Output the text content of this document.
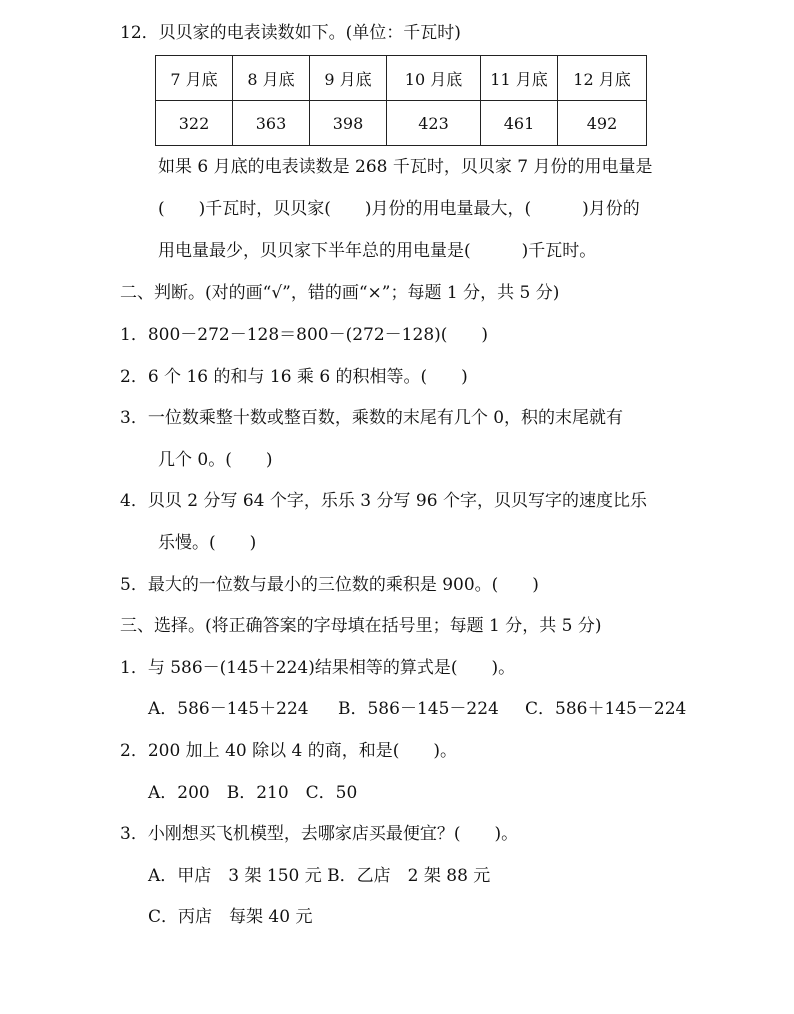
12．贝贝家的电表读数如下。(单位：千瓦时)
7 月底	8 月底	9 月底	10 月底	11 月底	12 月底
322	363	398	423	461	492
如果 6 月底的电表读数是 268 千瓦时，贝贝家 7 月份的用电量是
(　　)千瓦时，贝贝家(　　)月份的用电量最大，(　　　)月份的
用电量最少，贝贝家下半年总的用电量是(　　　)千瓦时。
二、判断。(对的画“√”，错的画“×”；每题 1 分，共 5 分)
1．800－272－128＝800－(272－128)(　　)
2．6 个 16 的和与 16 乘 6 的积相等。(　　)
3．一位数乘整十数或整百数，乘数的末尾有几个 0，积的末尾就有
几个 0。(　　)
4．贝贝 2 分写 64 个字，乐乐 3 分写 96 个字，贝贝写字的速度比乐
乐慢。(　　)
5．最大的一位数与最小的三位数的乘积是 900。(　　)
三、选择。(将正确答案的字母填在括号里；每题 1 分，共 5 分)
1．与 586－(145＋224)结果相等的算式是(　　)。
A．586－145＋224 B．586－145－224 C．586＋145－224
2．200 加上 40 除以 4 的商，和是(　　)。
A．200　B．210　C．50
3．小刚想买飞机模型，去哪家店买最便宜？(　　)。
A．甲店　3 架 150 元 B．乙店　2 架 88 元
C．丙店　每架 40 元
